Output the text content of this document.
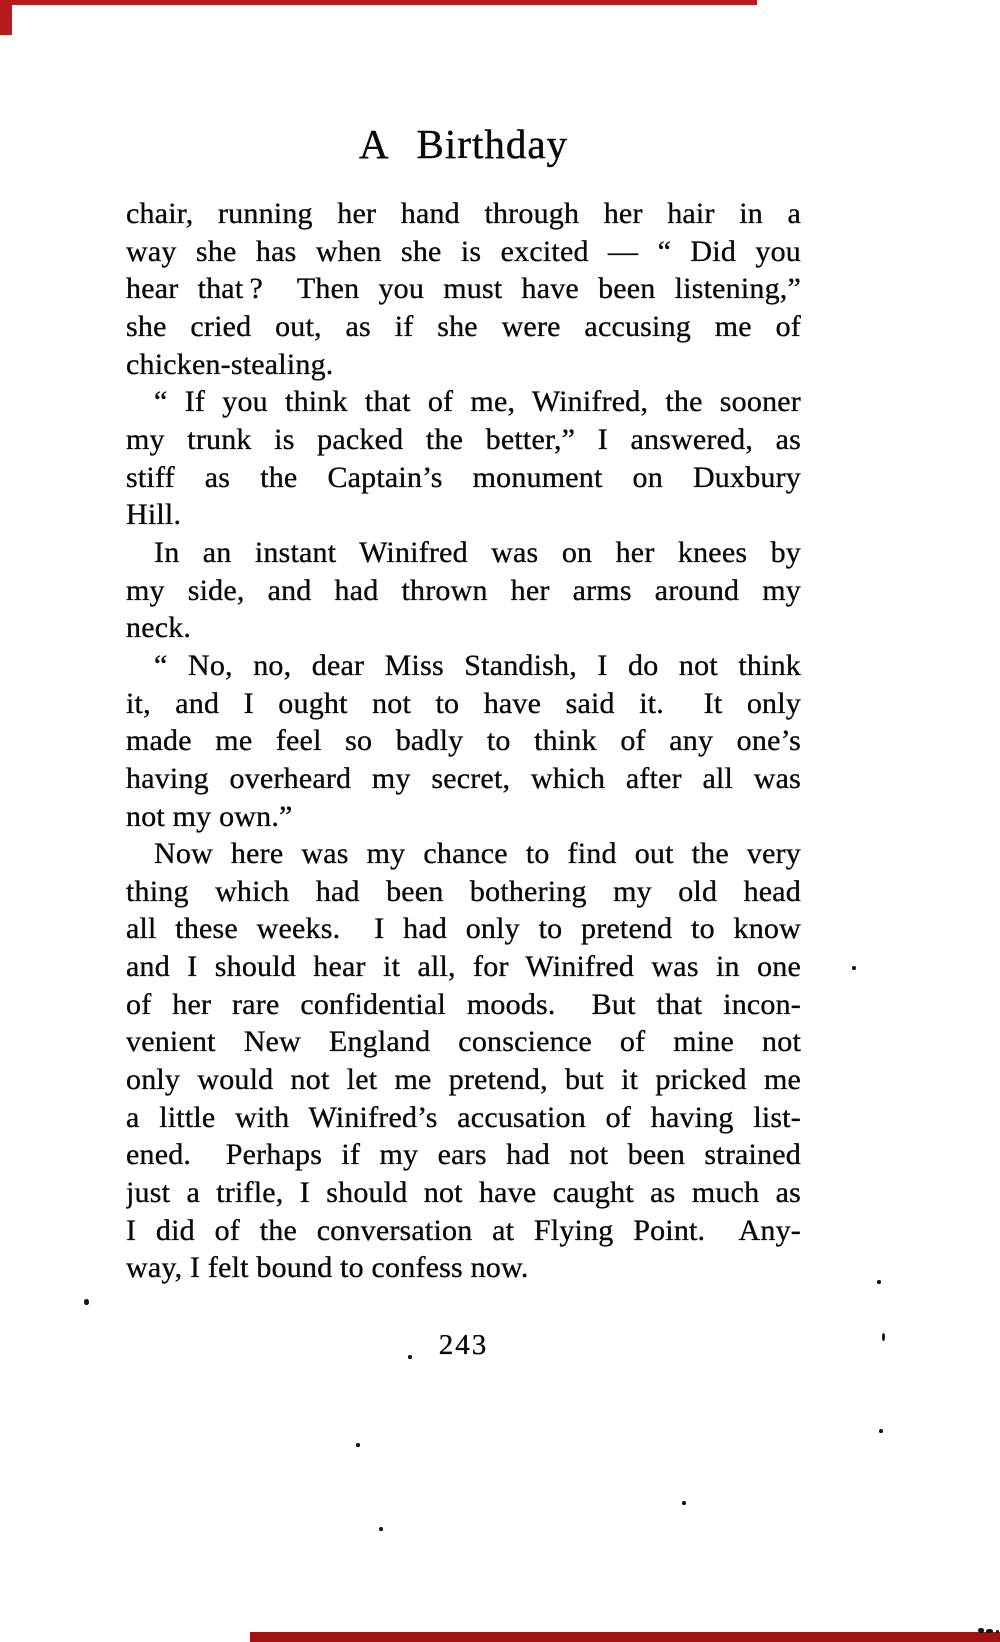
A Birthday
chair, running her hand through her hair in a
way she has when she is excited — “ Did you
hear that ?  Then you must have been listening,”
she cried out, as if she were accusing me of
chicken-stealing.
“ If you think that of me, Winifred, the sooner
my trunk is packed the better,” I answered, as
stiff as the Captain’s monument on Duxbury
Hill.
In an instant Winifred was on her knees by
my side, and had thrown her arms around my
neck.
“ No, no, dear Miss Standish, I do not think
it, and I ought not to have said it.  It only
made me feel so badly to think of any one’s
having overheard my secret, which after all was
not my own.”
Now here was my chance to find out the very
thing which had been bothering my old head
all these weeks.  I had only to pretend to know
and I should hear it all, for Winifred was in one
of her rare confidential moods.  But that incon-
venient New England conscience of mine not
only would not let me pretend, but it pricked me
a little with Winifred’s accusation of having list-
ened.  Perhaps if my ears had not been strained
just a trifle, I should not have caught as much as
I did of the conversation at Flying Point.  Any-
way, I felt bound to confess now.
243
